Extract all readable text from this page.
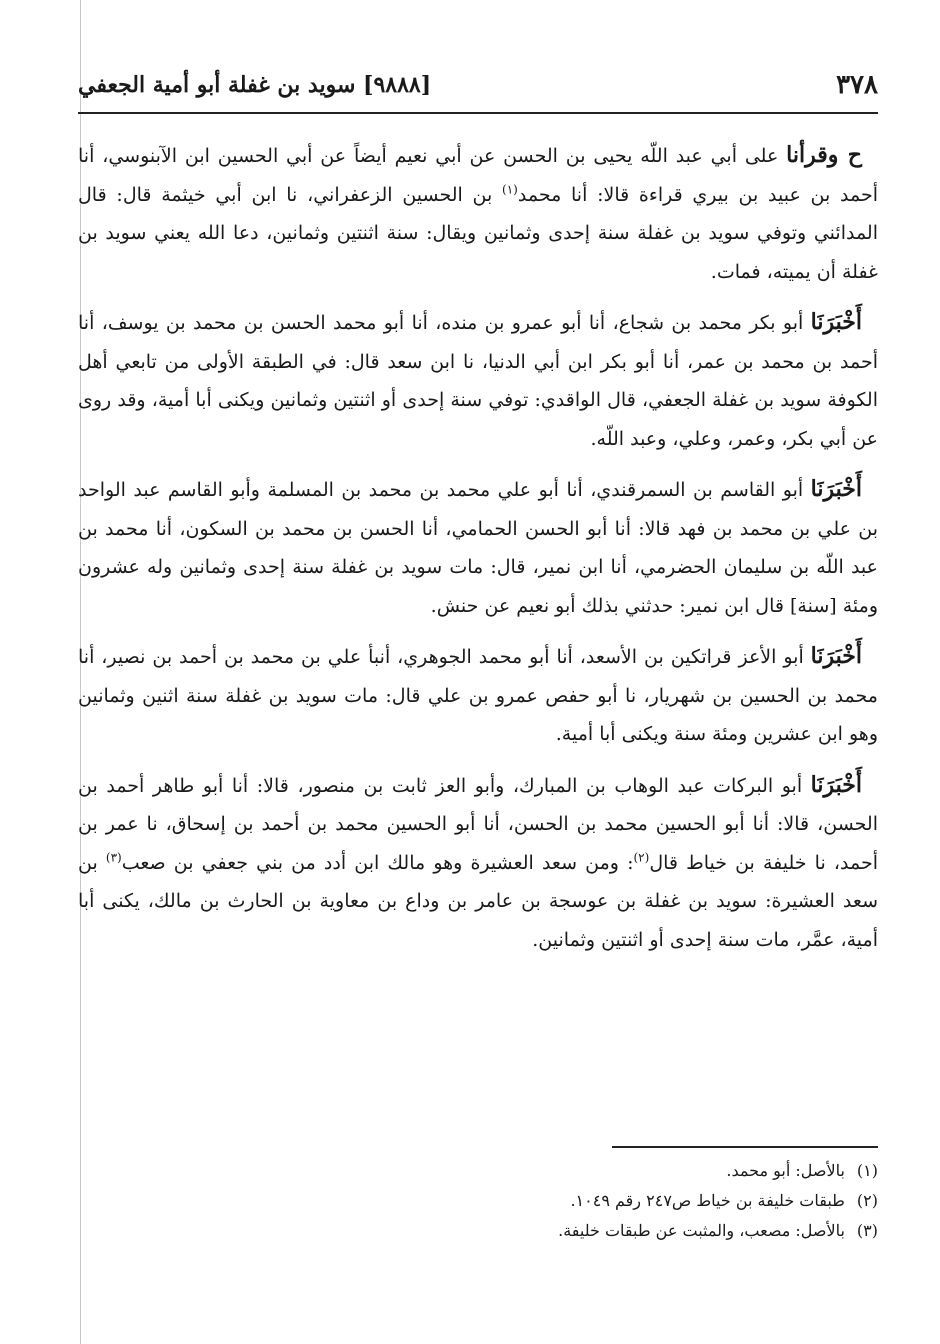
٣٧٨
[٩٨٨٨] سويد بن غفلة أبو أمية الجعفي

ح وقرأنا على أبي عبد اللّه يحيى بن الحسن عن أبي نعيم أيضاً عن أبي الحسين ابن الآبنوسي، أنا أحمد بن عبيد بن بيري قراءة قالا: أنا محمد$^{(١)}$ بن الحسين الزعفراني، نا ابن أبي خيثمة قال: قال المدائني وتوفي سويد بن غفلة سنة إحدى وثمانين ويقال: سنة اثنتين وثمانين، دعا الله يعني سويد بن غفلة أن يميته، فمات.

أَخْبَرَنَا أبو بكر محمد بن شجاع، أنا أبو عمرو بن منده، أنا أبو محمد الحسن بن محمد بن يوسف، أنا أحمد بن محمد بن عمر، أنا أبو بكر ابن أبي الدنيا، نا ابن سعد قال: في الطبقة الأولى من تابعي أهل الكوفة سويد بن غفلة الجعفي، قال الواقدي: توفي سنة إحدى أو اثنتين وثمانين ويكنى أبا أمية، وقد روى عن أبي بكر، وعمر، وعلي، وعبد اللّه.

أَخْبَرَنَا أبو القاسم بن السمرقندي، أنا أبو علي محمد بن محمد بن المسلمة وأبو القاسم عبد الواحد بن علي بن محمد بن فهد قالا: أنا أبو الحسن الحمامي، أنا الحسن بن محمد بن السكون، أنا محمد بن عبد اللّه بن سليمان الحضرمي، أنا ابن نمير، قال: مات سويد بن غفلة سنة إحدى وثمانين وله عشرون ومئة [سنة] قال ابن نمير: حدثني بذلك أبو نعيم عن حنش.

أَخْبَرَنَا أبو الأعز قراتكين بن الأسعد، أنا أبو محمد الجوهري، أنبأ علي بن محمد بن أحمد بن نصير، أنا محمد بن الحسين بن شهريار، نا أبو حفص عمرو بن علي قال: مات سويد بن غفلة سنة اثنين وثمانين وهو ابن عشرين ومئة سنة ويكنى أبا أمية.

أَخْبَرَنَا أبو البركات عبد الوهاب بن المبارك، وأبو العز ثابت بن منصور، قالا: أنا أبو طاهر أحمد بن الحسن، قالا: أنا أبو الحسين محمد بن الحسن، أنا أبو الحسين محمد بن أحمد بن إسحاق، نا عمر بن أحمد، نا خليفة بن خياط قال$^{(٢)}$: ومن سعد العشيرة وهو مالك ابن أدد من بني جعفي بن صعب$^{(٣)}$ بن سعد العشيرة: سويد بن غفلة بن عوسجة بن عامر بن وداع بن معاوية بن الحارث بن مالك، يكنى أبا أمية، عمَّر، مات سنة إحدى أو اثنتين وثمانين.

(١)بالأصل: أبو محمد.

(٢)طبقات خليفة بن خياط ص٢٤٧ رقم ١٠٤٩.

(٣)بالأصل: مصعب، والمثبت عن طبقات خليفة.
